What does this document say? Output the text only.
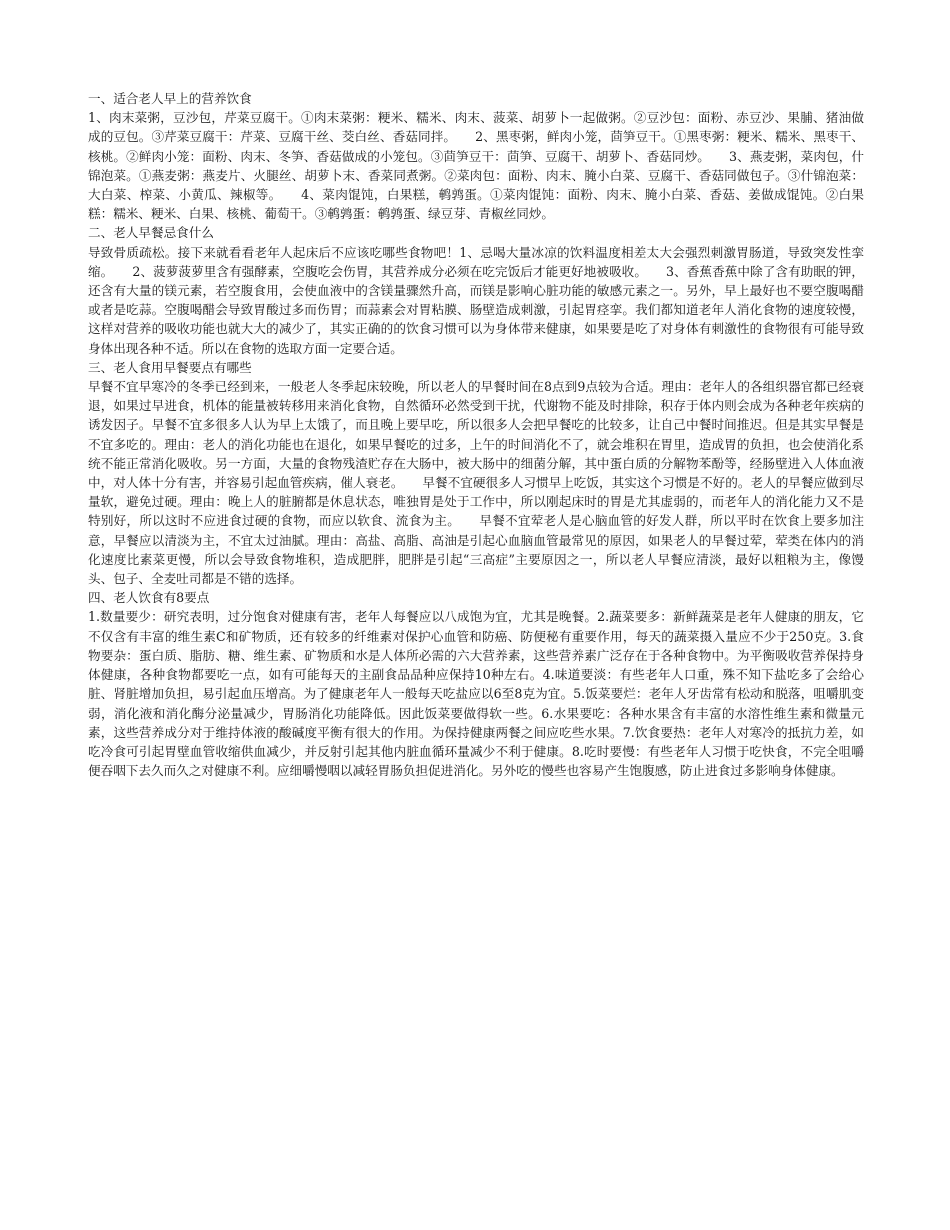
一、适合老人早上的营养饮食

1、肉末菜粥，豆沙包，芹菜豆腐干。①肉末菜粥：粳米、糯米、肉末、菠菜、胡萝卜一起做粥。②豆沙包：面粉、赤豆沙、果脯、猪油做成的豆包。③芹菜豆腐干：芹菜、豆腐干丝、茭白丝、香菇同拌。　　2、黑枣粥，鲜肉小笼，茴笋豆干。①黑枣粥：粳米、糯米、黑枣干、核桃。②鲜肉小笼：面粉、肉末、冬笋、香菇做成的小笼包。③茴笋豆干：茴笋、豆腐干、胡萝卜、香菇同炒。　　3、燕麦粥，菜肉包，什锦泡菜。①燕麦粥：燕麦片、火腿丝、胡萝卜末、香菜同煮粥。②菜肉包：面粉、肉末、腌小白菜、豆腐干、香菇同做包子。③什锦泡菜：大白菜、榨菜、小黄瓜、辣椒等。　　4、菜肉馄饨，白果糕，鹌鹑蛋。①菜肉馄饨：面粉、肉末、腌小白菜、香菇、姜做成馄饨。②白果糕：糯米、粳米、白果、核桃、葡萄干。③鹌鹑蛋：鹌鹑蛋、绿豆芽、青椒丝同炒。

二、老人早餐忌食什么

导致骨质疏松。接下来就看看老年人起床后不应该吃哪些食物吧！1、忌喝大量冰凉的饮料温度相差太大会强烈刺激胃肠道，导致突发性挛缩。　　2、菠萝菠萝里含有强酵素，空腹吃会伤胃，其营养成分必须在吃完饭后才能更好地被吸收。　　3、香蕉香蕉中除了含有助眠的钾，还含有大量的镁元素，若空腹食用，会使血液中的含镁量骤然升高，而镁是影响心脏功能的敏感元素之一。另外，早上最好也不要空腹喝醋或者是吃蒜。空腹喝醋会导致胃酸过多而伤胃；而蒜素会对胃粘膜、肠壁造成刺激，引起胃痉挛。我们都知道老年人消化食物的速度较慢，这样对营养的吸收功能也就大大的减少了，其实正确的的饮食习惯可以为身体带来健康，如果要是吃了对身体有刺激性的食物很有可能导致身体出现各种不适。所以在食物的选取方面一定要合适。

三、老人食用早餐要点有哪些

早餐不宜早寒冷的冬季已经到来，一般老人冬季起床较晚，所以老人的早餐时间在8点到9点较为合适。理由：老年人的各组织器官都已经衰退，如果过早进食，机体的能量被转移用来消化食物，自然循环必然受到干扰，代谢物不能及时排除，积存于体内则会成为各种老年疾病的诱发因子。早餐不宜多很多人认为早上太饿了，而且晚上要早吃，所以很多人会把早餐吃的比较多，让自己中餐时间推迟。但是其实早餐是不宜多吃的。理由：老人的消化功能也在退化，如果早餐吃的过多，上午的时间消化不了，就会堆积在胃里，造成胃的负担，也会使消化系统不能正常消化吸收。另一方面，大量的食物残渣贮存在大肠中，被大肠中的细菌分解，其中蛋白质的分解物苯酚等，经肠壁进入人体血液中，对人体十分有害，并容易引起血管疾病，催人衰老。　　早餐不宜硬很多人习惯早上吃饭，其实这个习惯是不好的。老人的早餐应做到尽量软，避免过硬。理由：晚上人的脏腑都是休息状态，唯独胃是处于工作中，所以刚起床时的胃是尤其虚弱的，而老年人的消化能力又不是特别好，所以这时不应进食过硬的食物，而应以软食、流食为主。　　早餐不宜荤老人是心脑血管的好发人群，所以平时在饮食上要多加注意，早餐应以清淡为主，不宜太过油腻。理由：高盐、高脂、高油是引起心血脑血管最常见的原因，如果老人的早餐过荤，荤类在体内的消化速度比素菜更慢，所以会导致食物堆积，造成肥胖，肥胖是引起“三高症”主要原因之一，所以老人早餐应清淡，最好以粗粮为主，像馒头、包子、全麦吐司都是不错的选择。

四、老人饮食有8要点

1.数量要少：研究表明，过分饱食对健康有害，老年人每餐应以八成饱为宜，尤其是晚餐。2.蔬菜要多：新鲜蔬菜是老年人健康的朋友，它不仅含有丰富的维生素C和矿物质，还有较多的纤维素对保护心血管和防癌、防便秘有重要作用，每天的蔬菜摄入量应不少于250克。3.食物要杂：蛋白质、脂肪、糖、维生素、矿物质和水是人体所必需的六大营养素，这些营养素广泛存在于各种食物中。为平衡吸收营养保持身体健康，各种食物都要吃一点，如有可能每天的主副食品品种应保持10种左右。4.味道要淡：有些老年人口重，殊不知下盐吃多了会给心脏、肾脏增加负担，易引起血压增高。为了健康老年人一般每天吃盐应以6至8克为宜。5.饭菜要烂：老年人牙齿常有松动和脱落，咀嚼肌变弱，消化液和消化酶分泌量减少，胃肠消化功能降低。因此饭菜要做得软一些。6.水果要吃：各种水果含有丰富的水溶性维生素和微量元素，这些营养成分对于维持体液的酸碱度平衡有很大的作用。为保持健康两餐之间应吃些水果。7.饮食要热：老年人对寒冷的抵抗力差，如吃冷食可引起胃壁血管收缩供血减少，并反射引起其他内脏血循环量减少不利于健康。8.吃时要慢：有些老年人习惯于吃快食，不完全咀嚼便吞咽下去久而久之对健康不利。应细嚼慢咽以减轻胃肠负担促进消化。另外吃的慢些也容易产生饱腹感，防止进食过多影响身体健康。
